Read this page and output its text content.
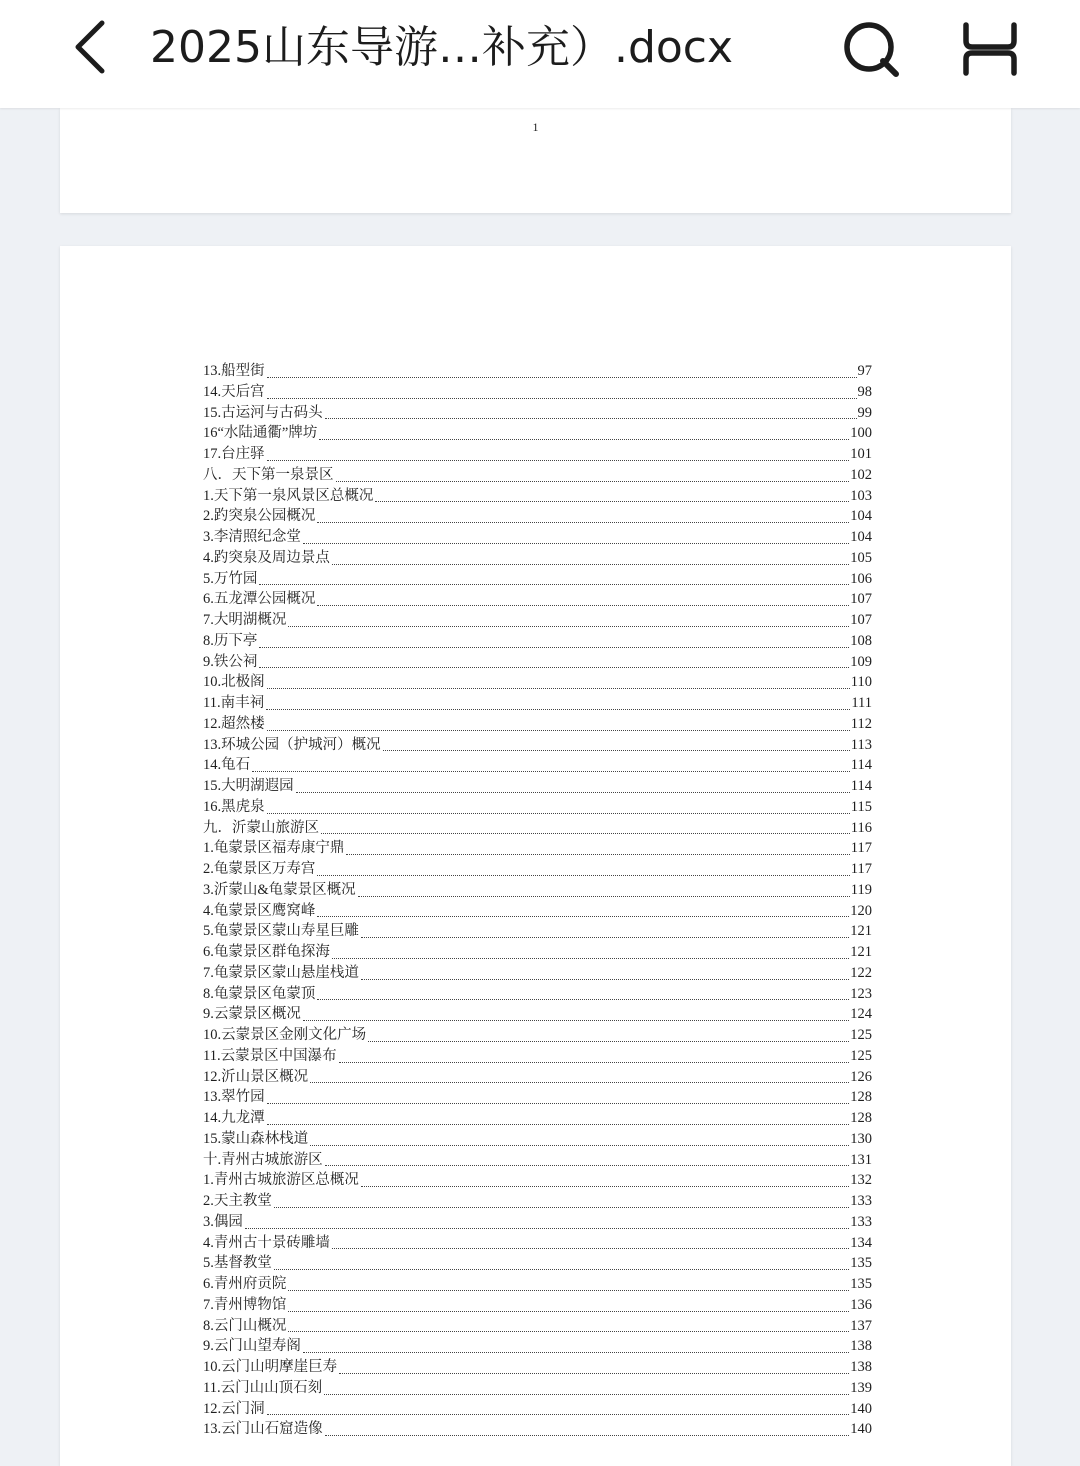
2025山东导游…补充）.docx
1
13.船型街	97
14.天后宫	98
15.古运河与古码头	99
16“水陆通衢”牌坊	100
17.台庄驿	101
八．天下第一泉景区	102
1.天下第一泉风景区总概况	103
2.趵突泉公园概况	104
3.李清照纪念堂	104
4.趵突泉及周边景点	105
5.万竹园	106
6.五龙潭公园概况	107
7.大明湖概况	107
8.历下亭	108
9.铁公祠	109
10.北极阁	110
11.南丰祠	111
12.超然楼	112
13.环城公园（护城河）概况	113
14.龟石	114
15.大明湖遐园	114
16.黑虎泉	115
九．沂蒙山旅游区	116
1.龟蒙景区福寿康宁鼎	117
2.龟蒙景区万寿宫	117
3.沂蒙山&龟蒙景区概况	119
4.龟蒙景区鹰窝峰	120
5.龟蒙景区蒙山寿星巨雕	121
6.龟蒙景区群龟探海	121
7.龟蒙景区蒙山悬崖栈道	122
8.龟蒙景区龟蒙顶	123
9.云蒙景区概况	124
10.云蒙景区金刚文化广场	125
11.云蒙景区中国瀑布	125
12.沂山景区概况	126
13.翠竹园	128
14.九龙潭	128
15.蒙山森林栈道	130
十.青州古城旅游区	131
1.青州古城旅游区总概况	132
2.天主教堂	133
3.偶园	133
4.青州古十景砖雕墙	134
5.基督教堂	135
6.青州府贡院	135
7.青州博物馆	136
8.云门山概况	137
9.云门山望寿阁	138
10.云门山明摩崖巨寿	138
11.云门山山顶石刻	139
12.云门洞	140
13.云门山石窟造像	140
